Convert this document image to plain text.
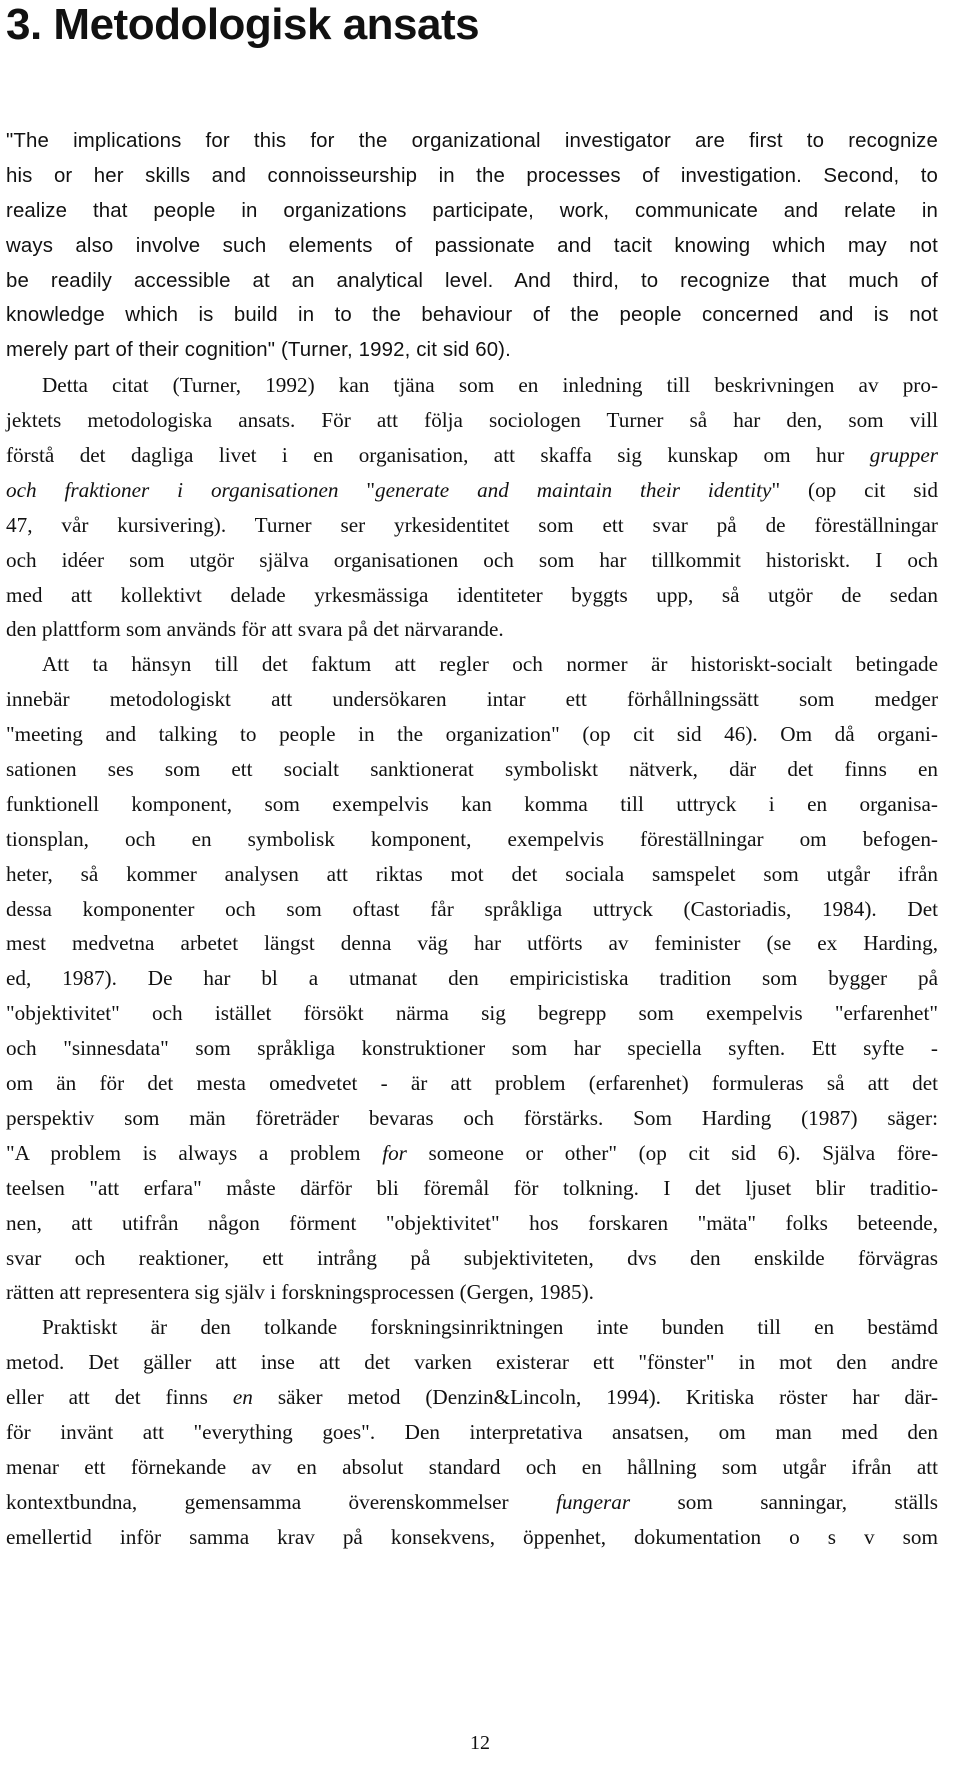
3. Metodologisk ansats
"The implications for this for the organizational investigator are first to recognize
his or her skills and connoisseurship in the processes of investigation. Second, to
realize that people in organizations participate, work, communicate and relate in
ways also involve such elements of passionate and tacit knowing which may not
be readily accessible at an analytical level. And third, to recognize that much of
knowledge which is build in to the behaviour of the people concerned and is not
merely part of their cognition" (Turner, 1992, cit sid 60).
Detta citat (Turner, 1992) kan tjäna som en inledning till beskrivningen av pro-
jektets metodologiska ansats. För att följa sociologen Turner så har den, som vill
förstå det dagliga livet i en organisation, att skaffa sig kunskap om hur grupper
och fraktioner i organisationen "generate and maintain their identity" (op cit sid
47, vår kursivering). Turner ser yrkesidentitet som ett svar på de föreställningar
och idéer som utgör själva organisationen och som har tillkommit historiskt. I och
med att kollektivt delade yrkesmässiga identiteter byggts upp, så utgör de sedan
den plattform som används för att svara på det närvarande.
Att ta hänsyn till det faktum att regler och normer är historiskt-socialt betingade
innebär metodologiskt att undersökaren intar ett förhållningssätt som medger
"meeting and talking to people in the organization" (op cit sid 46). Om då organi-
sationen ses som ett socialt sanktionerat symboliskt nätverk, där det finns en
funktionell komponent, som exempelvis kan komma till uttryck i en organisa-
tionsplan, och en symbolisk komponent, exempelvis föreställningar om befogen-
heter, så kommer analysen att riktas mot det sociala samspelet som utgår ifrån
dessa komponenter och som oftast får språkliga uttryck (Castoriadis, 1984). Det
mest medvetna arbetet längst denna väg har utförts av feminister (se ex Harding,
ed, 1987). De har bl a utmanat den empiricistiska tradition som bygger på
"objektivitet" och istället försökt närma sig begrepp som exempelvis "erfarenhet"
och "sinnesdata" som språkliga konstruktioner som har speciella syften. Ett syfte -
om än för det mesta omedvetet - är att problem (erfarenhet) formuleras så att det
perspektiv som män företräder bevaras och förstärks. Som Harding (1987) säger:
"A problem is always a problem for someone or other" (op cit sid 6). Själva före-
teelsen "att erfara" måste därför bli föremål för tolkning. I det ljuset blir traditio-
nen, att utifrån någon förment "objektivitet" hos forskaren "mäta" folks beteende,
svar och reaktioner, ett intrång på subjektiviteten, dvs den enskilde förvägras
rätten att representera sig själv i forskningsprocessen (Gergen, 1985).
Praktiskt är den tolkande forskningsinriktningen inte bunden till en bestämd
metod. Det gäller att inse att det varken existerar ett "fönster" in mot den andre
eller att det finns en säker metod (Denzin&Lincoln, 1994). Kritiska röster har där-
för invänt att "everything goes". Den interpretativa ansatsen, om man med den
menar ett förnekande av en absolut standard och en hållning som utgår ifrån att
kontextbundna, gemensamma överenskommelser fungerar som sanningar, ställs
emellertid inför samma krav på konsekvens, öppenhet, dokumentation o s v som
12
